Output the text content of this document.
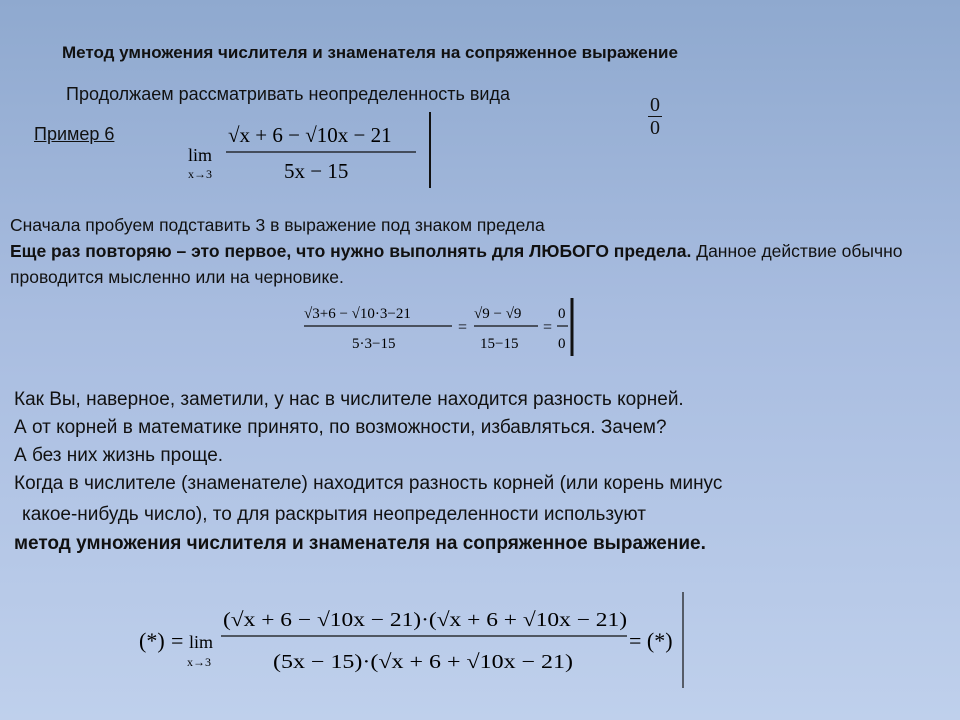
Метод умножения числителя и знаменателя на сопряженное выражение
Продолжаем рассматривать неопределенность вида	0
0
Пример 6
lim
x→3
√x + 6 − √10x − 21
5x − 15
Сначала пробуем подставить 3 в выражение под знаком предела
Еще раз повторяю – это первое, что нужно выполнять для ЛЮБОГО предела. Данное действие обычно проводится мысленно или на черновике.
√3+6 − √10·3−21
5·3−15
=
√9 − √9
15−15
=
0
0
Как Вы, наверное, заметили, у нас в числителе находится разность корней.
А от корней в математике принято, по возможности, избавляться. Зачем?
А без них жизнь проще.
Когда в числителе (знаменателе) находится разность корней (или корень минус
какое-нибудь число), то для раскрытия неопределенности используют
метод умножения числителя и знаменателя на сопряженное выражение.
(*) = lim
x→3
(√x + 6 − √10x − 21)·(√x + 6 + √10x − 21)
(5x − 15)·(√x + 6 + √10x − 21)
= (*)
